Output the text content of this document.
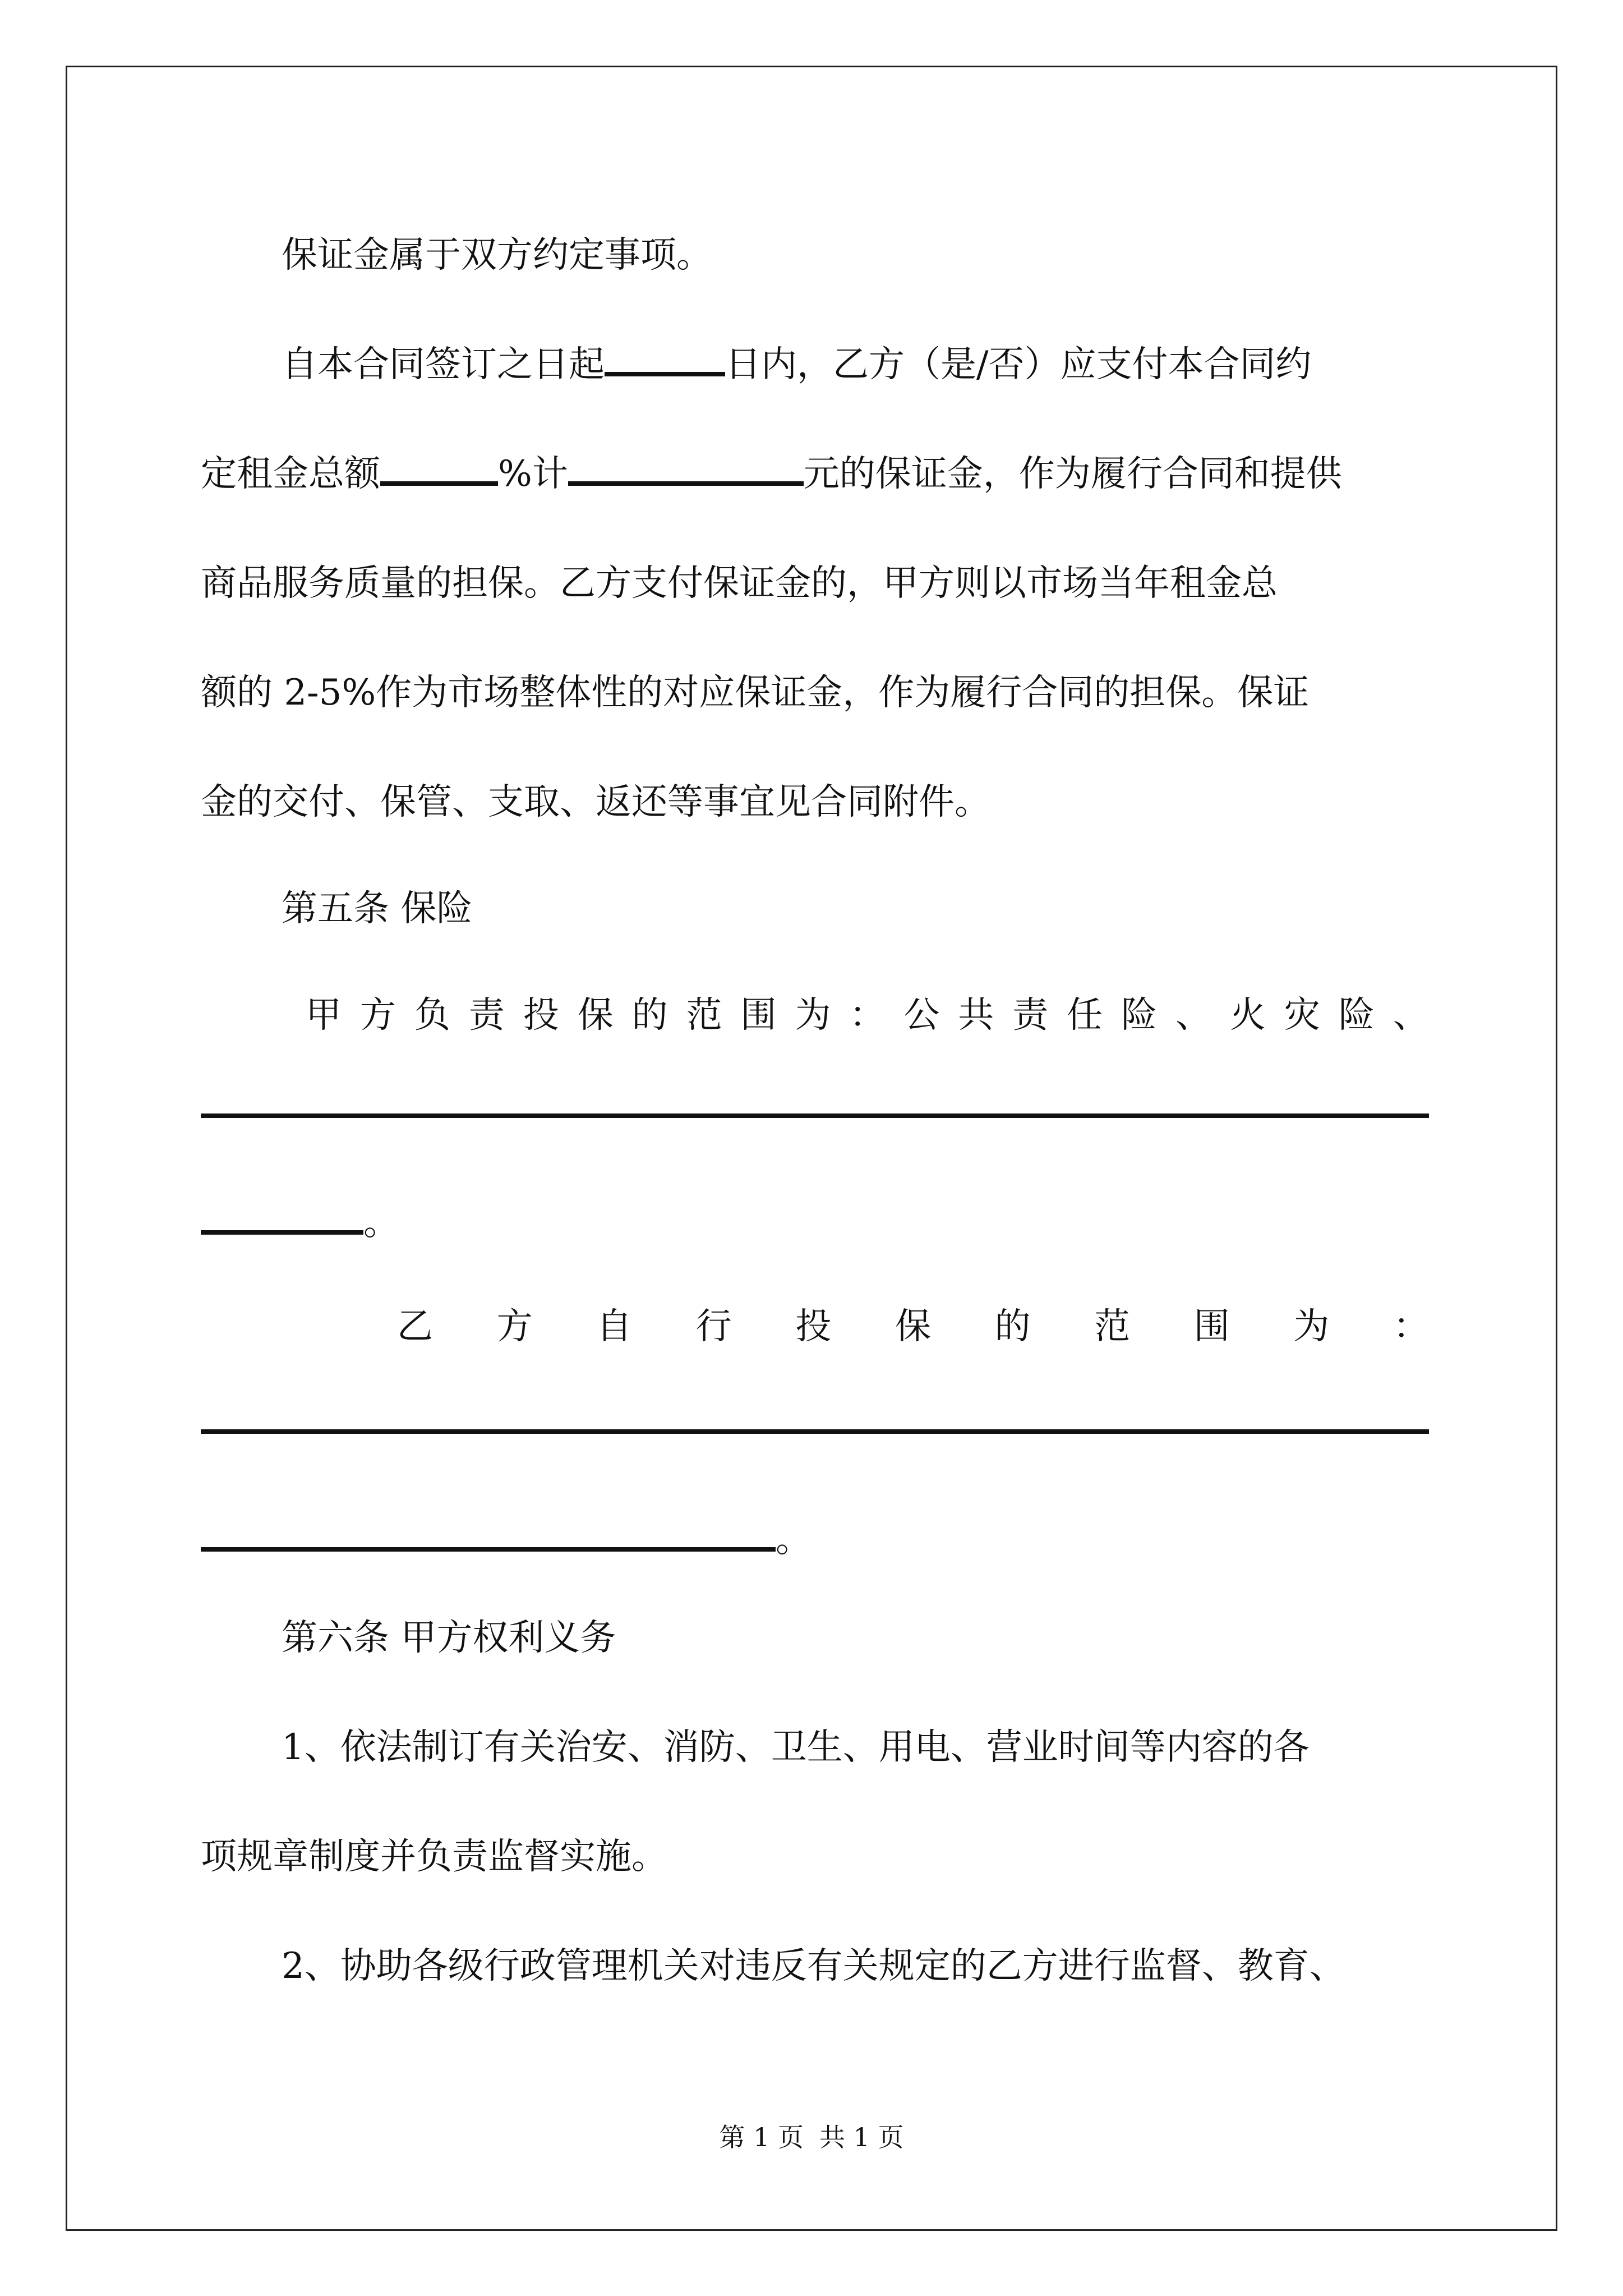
保证金属于双方约定事项。
自本合同签订之日起	日内，乙方（是/否）应支付本合同约
定租金总额	%计	元的保证金，作为履行合同和提供
商品服务质量的担保。乙方支付保证金的，甲方则以市场当年租金总
额的 2-5%作为市场整体性的对应保证金，作为履行合同的担保。保证
金的交付、保管、支取、返还等事宜见合同附件。
第五条 保险
甲 方 负 责 投 保 的 范 围 为 ： 公 共 责 任 险 、 火 灾 险 、
。
乙 方 自 行 投 保 的 范 围 为 ：
。
第六条 甲方权利义务
1、依法制订有关治安、消防、卫生、用电、营业时间等内容的各
项规章制度并负责监督实施。
2、协助各级行政管理机关对违反有关规定的乙方进行监督、教育、
第 1 页 共 1 页
